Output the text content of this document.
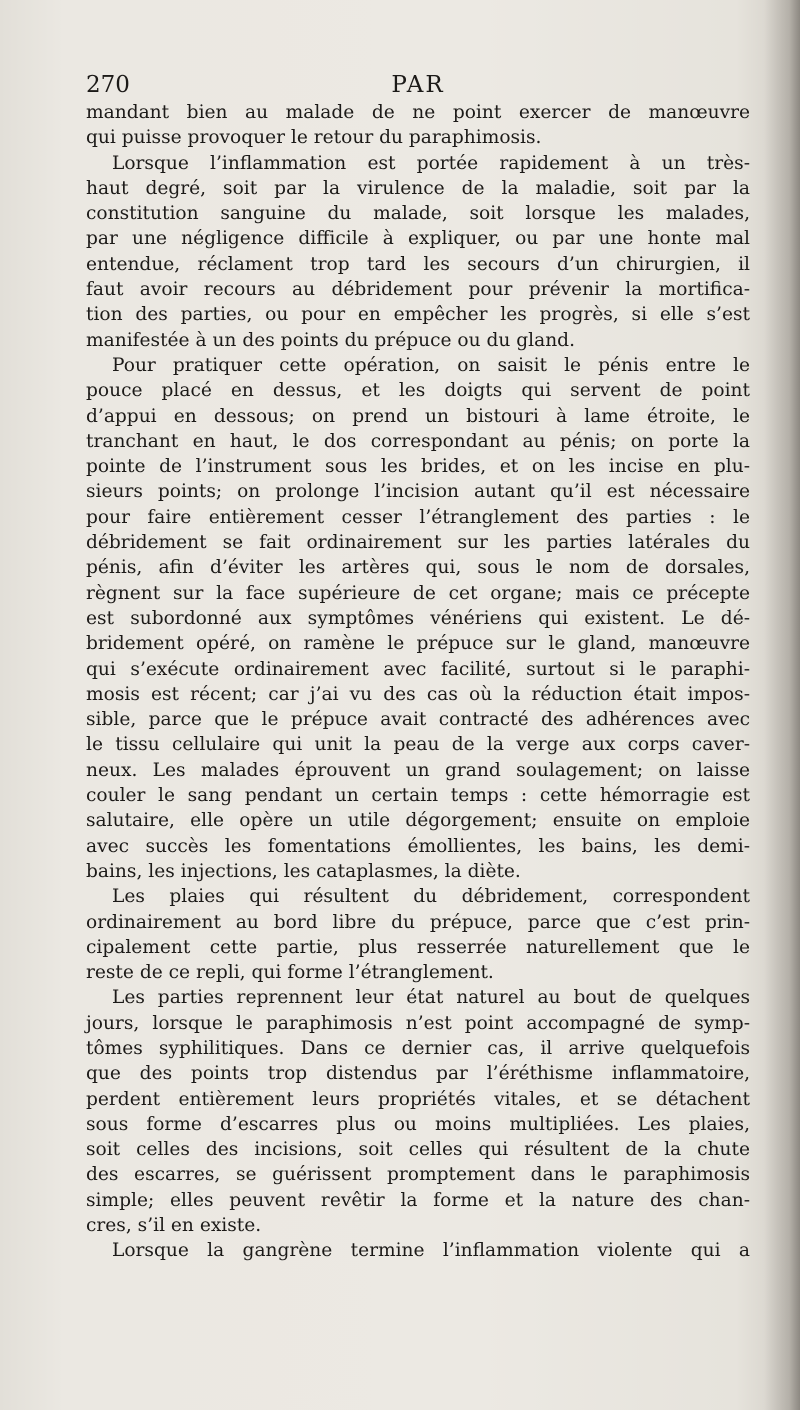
270	PAR
mandant bien au malade de ne point exercer de manœuvre
qui puisse provoquer le retour du paraphimosis.
Lorsque l’inflammation est portée rapidement à un très-
haut degré, soit par la virulence de la maladie, soit par la
constitution sanguine du malade, soit lorsque les malades,
par une négligence difficile à expliquer, ou par une honte mal
entendue, réclament trop tard les secours d’un chirurgien, il
faut avoir recours au débridement pour prévenir la mortifica-
tion des parties, ou pour en empêcher les progrès, si elle s’est
manifestée à un des points du prépuce ou du gland.
Pour pratiquer cette opération, on saisit le pénis entre le
pouce placé en dessus, et les doigts qui servent de point
d’appui en dessous; on prend un bistouri à lame étroite, le
tranchant en haut, le dos correspondant au pénis; on porte la
pointe de l’instrument sous les brides, et on les incise en plu-
sieurs points; on prolonge l’incision autant qu’il est nécessaire
pour faire entièrement cesser l’étranglement des parties : le
débridement se fait ordinairement sur les parties latérales du
pénis, afin d’éviter les artères qui, sous le nom de dorsales,
règnent sur la face supérieure de cet organe; mais ce précepte
est subordonné aux symptômes vénériens qui existent. Le dé-
bridement opéré, on ramène le prépuce sur le gland, manœuvre
qui s’exécute ordinairement avec facilité, surtout si le paraphi-
mosis est récent; car j’ai vu des cas où la réduction était impos-
sible, parce que le prépuce avait contracté des adhérences avec
le tissu cellulaire qui unit la peau de la verge aux corps caver-
neux. Les malades éprouvent un grand soulagement; on laisse
couler le sang pendant un certain temps : cette hémorragie est
salutaire, elle opère un utile dégorgement; ensuite on emploie
avec succès les fomentations émollientes, les bains, les demi-
bains, les injections, les cataplasmes, la diète.
Les plaies qui résultent du débridement, correspondent
ordinairement au bord libre du prépuce, parce que c’est prin-
cipalement cette partie, plus resserrée naturellement que le
reste de ce repli, qui forme l’étranglement.
Les parties reprennent leur état naturel au bout de quelques
jours, lorsque le paraphimosis n’est point accompagné de symp-
tômes syphilitiques. Dans ce dernier cas, il arrive quelquefois
que des points trop distendus par l’éréthisme inflammatoire,
perdent entièrement leurs propriétés vitales, et se détachent
sous forme d’escarres plus ou moins multipliées. Les plaies,
soit celles des incisions, soit celles qui résultent de la chute
des escarres, se guérissent promptement dans le paraphimosis
simple; elles peuvent revêtir la forme et la nature des chan-
cres, s’il en existe.
Lorsque la gangrène termine l’inflammation violente qui a
